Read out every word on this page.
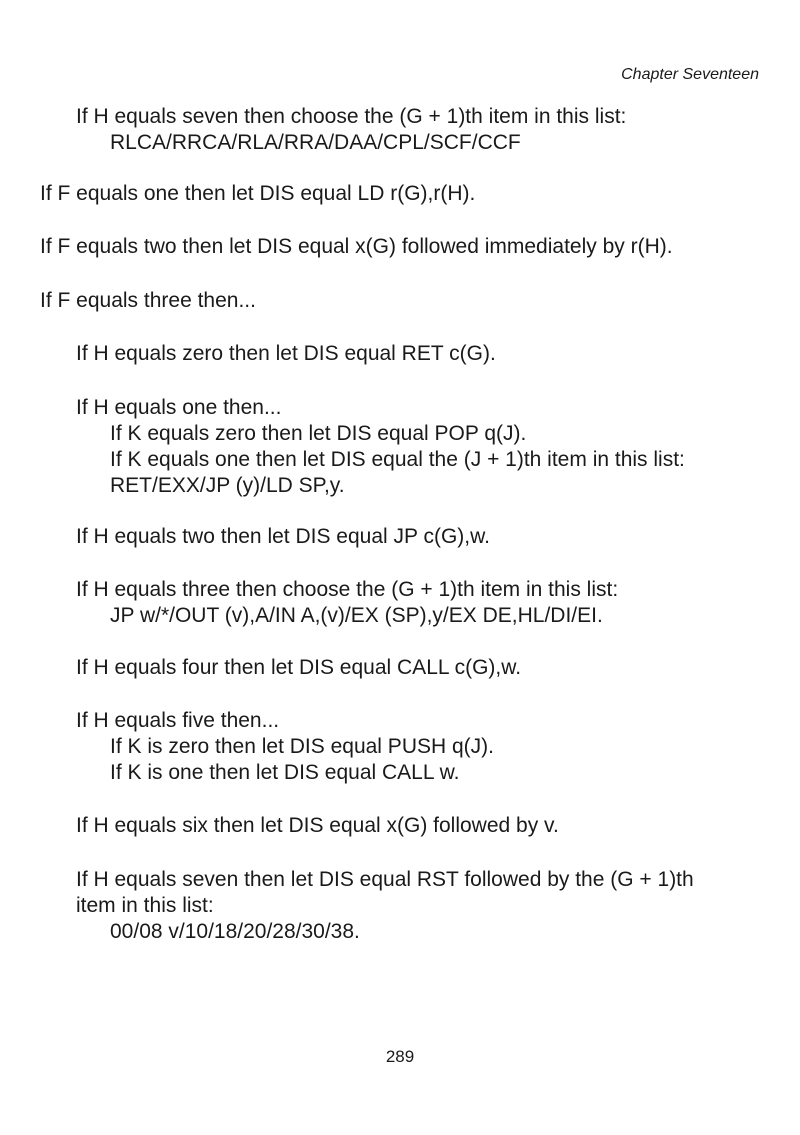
Chapter Seventeen
If H equals seven then choose the (G + 1)th item in this list:
RLCA/RRCA/RLA/RRA/DAA/CPL/SCF/CCF
If F equals one then let DIS equal LD r(G),r(H).
If F equals two then let DIS equal x(G) followed immediately by r(H).
If F equals three then...
If H equals zero then let DIS equal RET c(G).
If H equals one then...
If K equals zero then let DIS equal POP q(J).
If K equals one then let DIS equal the (J + 1)th item in this list:
RET/EXX/JP (y)/LD SP,y.
If H equals two then let DIS equal JP c(G),w.
If H equals three then choose the (G + 1)th item in this list:
JP w/*/OUT (v),A/IN A,(v)/EX (SP),y/EX DE,HL/DI/EI.
If H equals four then let DIS equal CALL c(G),w.
If H equals five then...
If K is zero then let DIS equal PUSH q(J).
If K is one then let DIS equal CALL w.
If H equals six then let DIS equal x(G) followed by v.
If H equals seven then let DIS equal RST followed by the (G + 1)th
item in this list:
00/08 v/10/18/20/28/30/38.
289
